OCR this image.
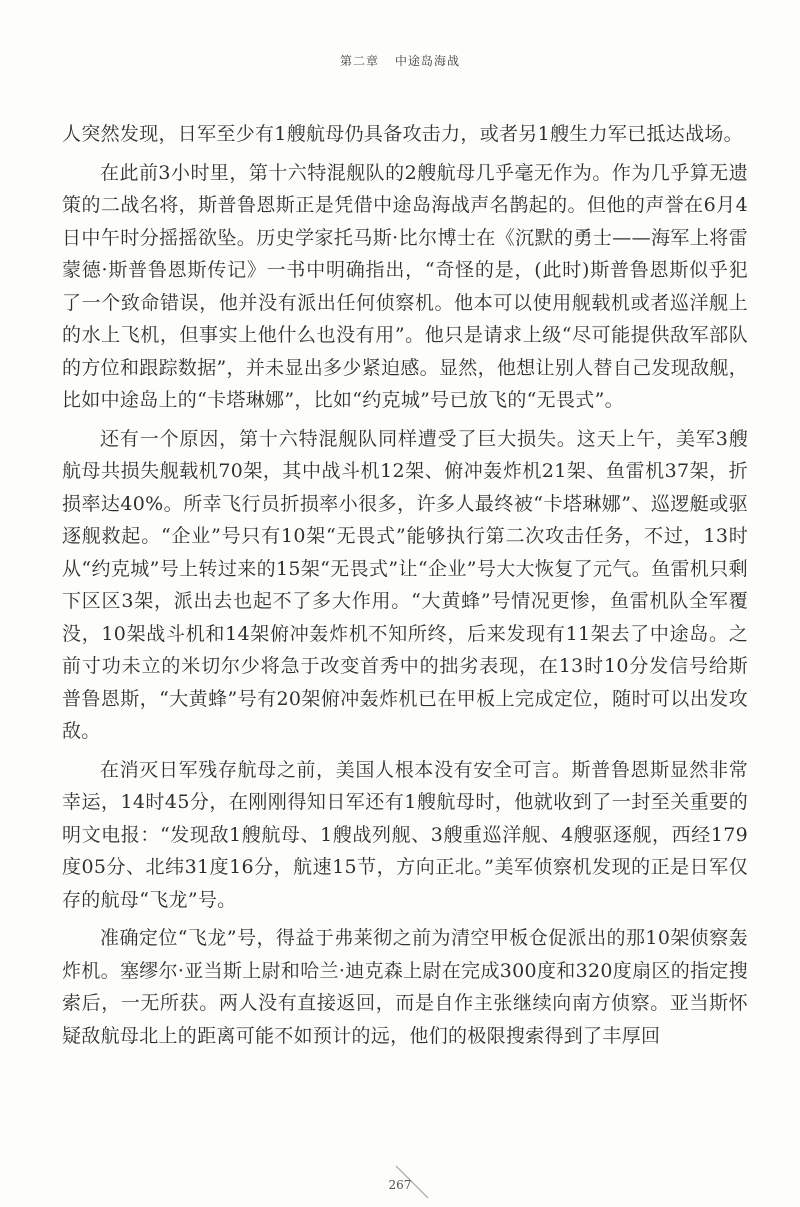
第二章 中途岛海战

人突然发现，日军至少有1艘航母仍具备攻击力，或者另1艘生力军已抵达战场。

在此前3小时里，第十六特混舰队的2艘航母几乎毫无作为。作为几乎算无遗策的二战名将，斯普鲁恩斯正是凭借中途岛海战声名鹊起的。但他的声誉在6月4日中午时分摇摇欲坠。历史学家托马斯·比尔博士在《沉默的勇士——海军上将雷蒙德·斯普鲁恩斯传记》一书中明确指出，“奇怪的是，(此时)斯普鲁恩斯似乎犯了一个致命错误，他并没有派出任何侦察机。他本可以使用舰载机或者巡洋舰上的水上飞机，但事实上他什么也没有用”。他只是请求上级“尽可能提供敌军部队的方位和跟踪数据”，并未显出多少紧迫感。显然，他想让别人替自己发现敌舰，比如中途岛上的“卡塔琳娜”，比如“约克城”号已放飞的“无畏式”。

还有一个原因，第十六特混舰队同样遭受了巨大损失。这天上午，美军3艘航母共损失舰载机70架，其中战斗机12架、俯冲轰炸机21架、鱼雷机37架，折损率达40%。所幸飞行员折损率小很多，许多人最终被“卡塔琳娜”、巡逻艇或驱逐舰救起。“企业”号只有10架“无畏式”能够执行第二次攻击任务，不过，13时从“约克城”号上转过来的15架“无畏式”让“企业”号大大恢复了元气。鱼雷机只剩下区区3架，派出去也起不了多大作用。“大黄蜂”号情况更惨，鱼雷机队全军覆没，10架战斗机和14架俯冲轰炸机不知所终，后来发现有11架去了中途岛。之前寸功未立的米切尔少将急于改变首秀中的拙劣表现，在13时10分发信号给斯普鲁恩斯，“大黄蜂”号有20架俯冲轰炸机已在甲板上完成定位，随时可以出发攻敌。

在消灭日军残存航母之前，美国人根本没有安全可言。斯普鲁恩斯显然非常幸运，14时45分，在刚刚得知日军还有1艘航母时，他就收到了一封至关重要的明文电报：“发现敌1艘航母、1艘战列舰、3艘重巡洋舰、4艘驱逐舰，西经179度05分、北纬31度16分，航速15节，方向正北。”美军侦察机发现的正是日军仅存的航母“飞龙”号。

准确定位“飞龙”号，得益于弗莱彻之前为清空甲板仓促派出的那10架侦察轰炸机。塞缪尔·亚当斯上尉和哈兰·迪克森上尉在完成300度和320度扇区的指定搜索后，一无所获。两人没有直接返回，而是自作主张继续向南方侦察。亚当斯怀疑敌航母北上的距离可能不如预计的远，他们的极限搜索得到了丰厚回

267
